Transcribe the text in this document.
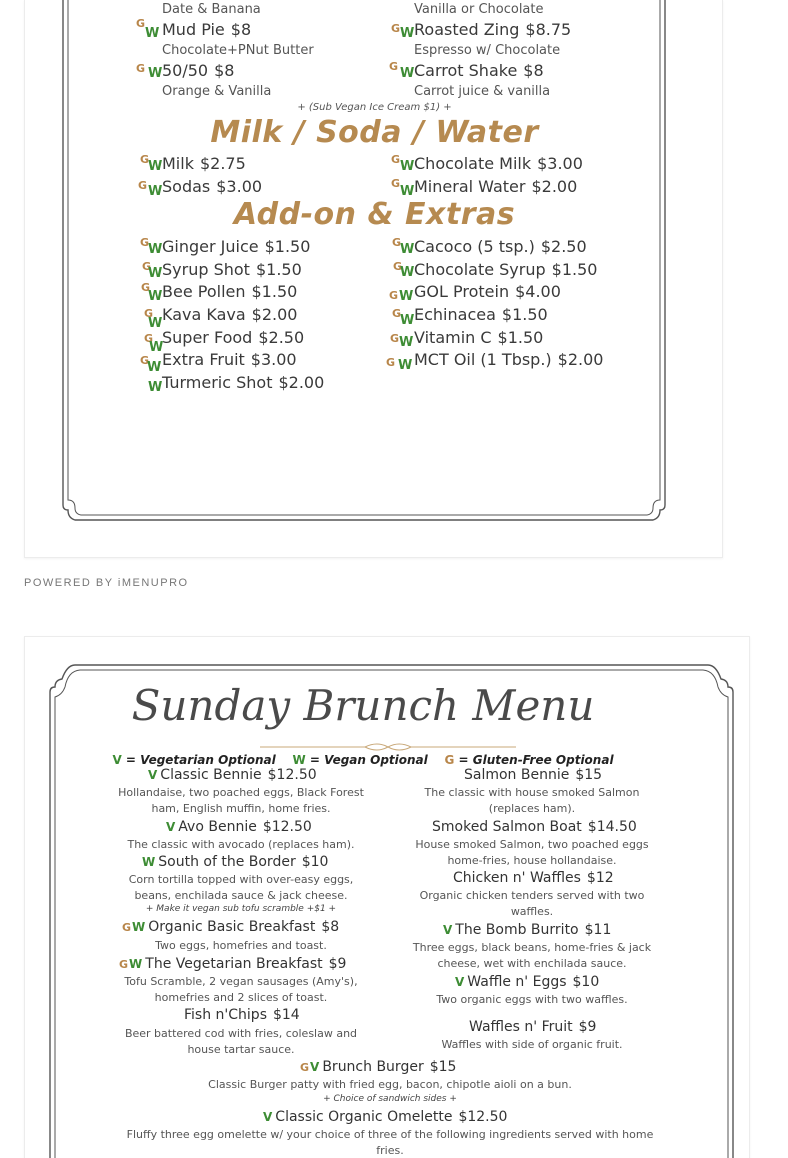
Date & Banana	Vanilla or Chocolate
G
W Mud Pie $8
Chocolate+PNut Butter
G W Roasted Zing $8.75
Espresso w/ Chocolate
G W 50/50 $8
Orange & Vanilla
G W Carrot Shake $8
Carrot juice & vanilla
+ (Sub Vegan Ice Cream $1) +
Milk / Soda / Water
G
W Milk $2.75	G W Chocolate Milk $3.00
G W Sodas $3.00	G
W Mineral Water $2.00
Add-on & Extras
G
W Ginger Juice $1.50
G
W Syrup Shot $1.50
G
W Bee Pollen $1.50
G
W Kava Kava $2.00
G
W
Super Food $2.50
G
W Extra Fruit $3.00
W Turmeric Shot $2.00
G
W Cacoco (5 tsp.) $2.50
G
W Chocolate Syrup $1.50
G W GOL Protein $4.00
G
W Echinacea $1.50
G W Vitamin C $1.50
G W MCT Oil (1 Tbsp.) $2.00
POWERED BY iMENUPRO
Sunday Brunch Menu
V = Vegetarian Optional W = Vegan Optional G = Gluten-Free Optional
V Classic Bennie $12.50
Hollandaise, two poached eggs, Black Forest ham, English muffin, home fries.
V Avo Bennie $12.50
The classic with avocado (replaces ham).
W South of the Border $10
Corn tortilla topped with over-easy eggs, beans, enchilada sauce & jack cheese.
+ Make it vegan sub tofu scramble +$1 +
GW Organic Basic Breakfast $8
Two eggs, homefries and toast.
GW The Vegetarian Breakfast $9
Tofu Scramble, 2 vegan sausages (Amy's), homefries and 2 slices of toast.
Fish n'Chips $14
Beer battered cod with fries, coleslaw and house tartar sauce.
Salmon Bennie $15
The classic with house smoked Salmon (replaces ham).
Smoked Salmon Boat $14.50
House smoked Salmon, two poached eggs home-fries, house hollandaise.
Chicken n' Waffles $12
Organic chicken tenders served with two waffles.
V The Bomb Burrito $11
Three eggs, black beans, home-fries & jack cheese, wet with enchilada sauce.
V Waffle n' Eggs $10
Two organic eggs with two waffles.
Waffles n' Fruit $9
Waffles with side of organic fruit.
GV Brunch Burger $15
Classic Burger patty with fried egg, bacon, chipotle aioli on a bun.
+ Choice of sandwich sides +
V Classic Organic Omelette $12.50
Fluffy three egg omelette w/ your choice of three of the following ingredients served with home fries.
